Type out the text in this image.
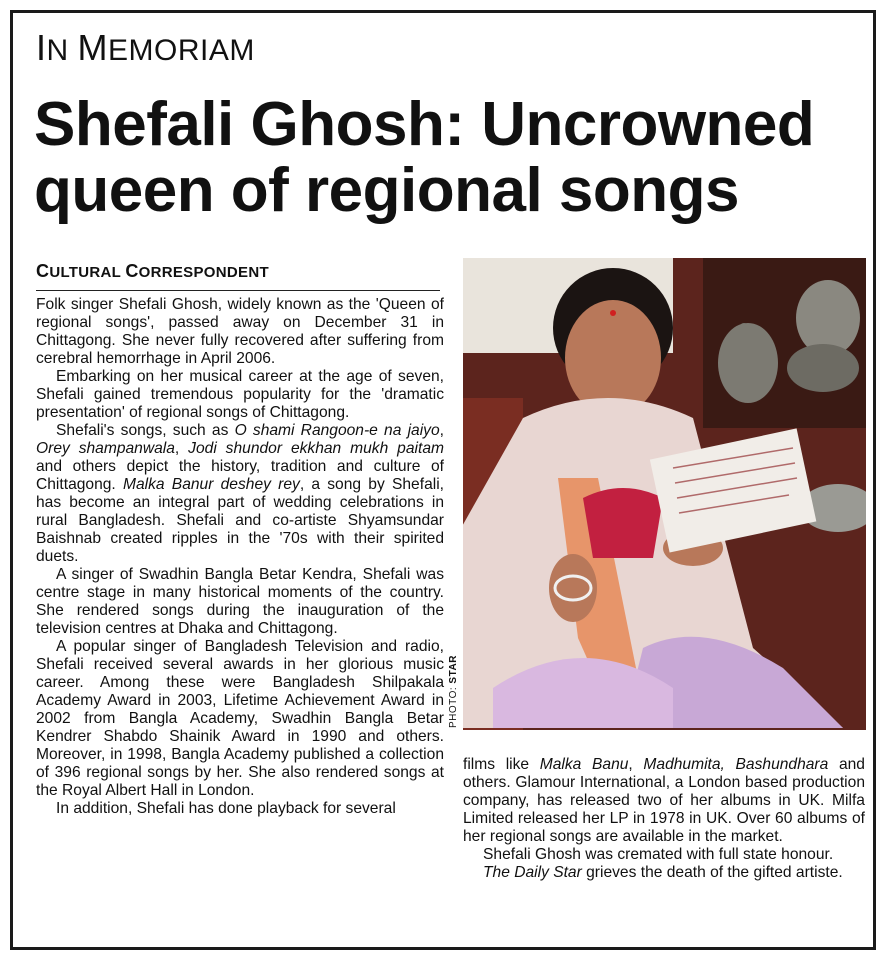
IN MEMORIAM
Shefali Ghosh: Uncrowned
queen of regional songs
CULTURAL CORRESPONDENT

Folk singer Shefali Ghosh, widely known as the 'Queen of regional songs', passed away on December 31 in Chittagong. She never fully recovered after suffering from cerebral hemorrhage in April 2006.

Embarking on her musical career at the age of seven, Shefali gained tremendous popularity for the 'dramatic presentation' of regional songs of Chittagong.

Shefali's songs, such as O shami Rangoon-e na jaiyo, Orey shampanwala, Jodi shundor ekkhan mukh paitam and others depict the history, tradition and culture of Chittagong. Malka Banur deshey rey, a song by Shefali, has become an integral part of wedding celebrations in rural Bangladesh. Shefali and co-artiste Shyamsundar Baishnab created ripples in the '70s with their spirited duets.

A singer of Swadhin Bangla Betar Kendra, Shefali was centre stage in many historical moments of the country. She rendered songs during the inauguration of the television centres at Dhaka and Chittagong.

A popular singer of Bangladesh Television and radio, Shefali received several awards in her glorious music career. Among these were Bangladesh Shilpakala Academy Award in 2003, Lifetime Achievement Award in 2002 from Bangla Academy, Swadhin Bangla Betar Kendrer Shabdo Shainik Award in 1990 and others. Moreover, in 1998, Bangla Academy published a collection of 396 regional songs by her. She also rendered songs at the Royal Albert Hall in London.

In addition, Shefali has done playback for several

PHOTO: STAR

films like Malka Banu, Madhumita, Bashundhara and others. Glamour International, a London based production company, has released two of her albums in UK. Milfa Limited released her LP in 1978 in UK. Over 60 albums of her regional songs are available in the market.

Shefali Ghosh was cremated with full state honour.

The Daily Star grieves the death of the gifted artiste.
